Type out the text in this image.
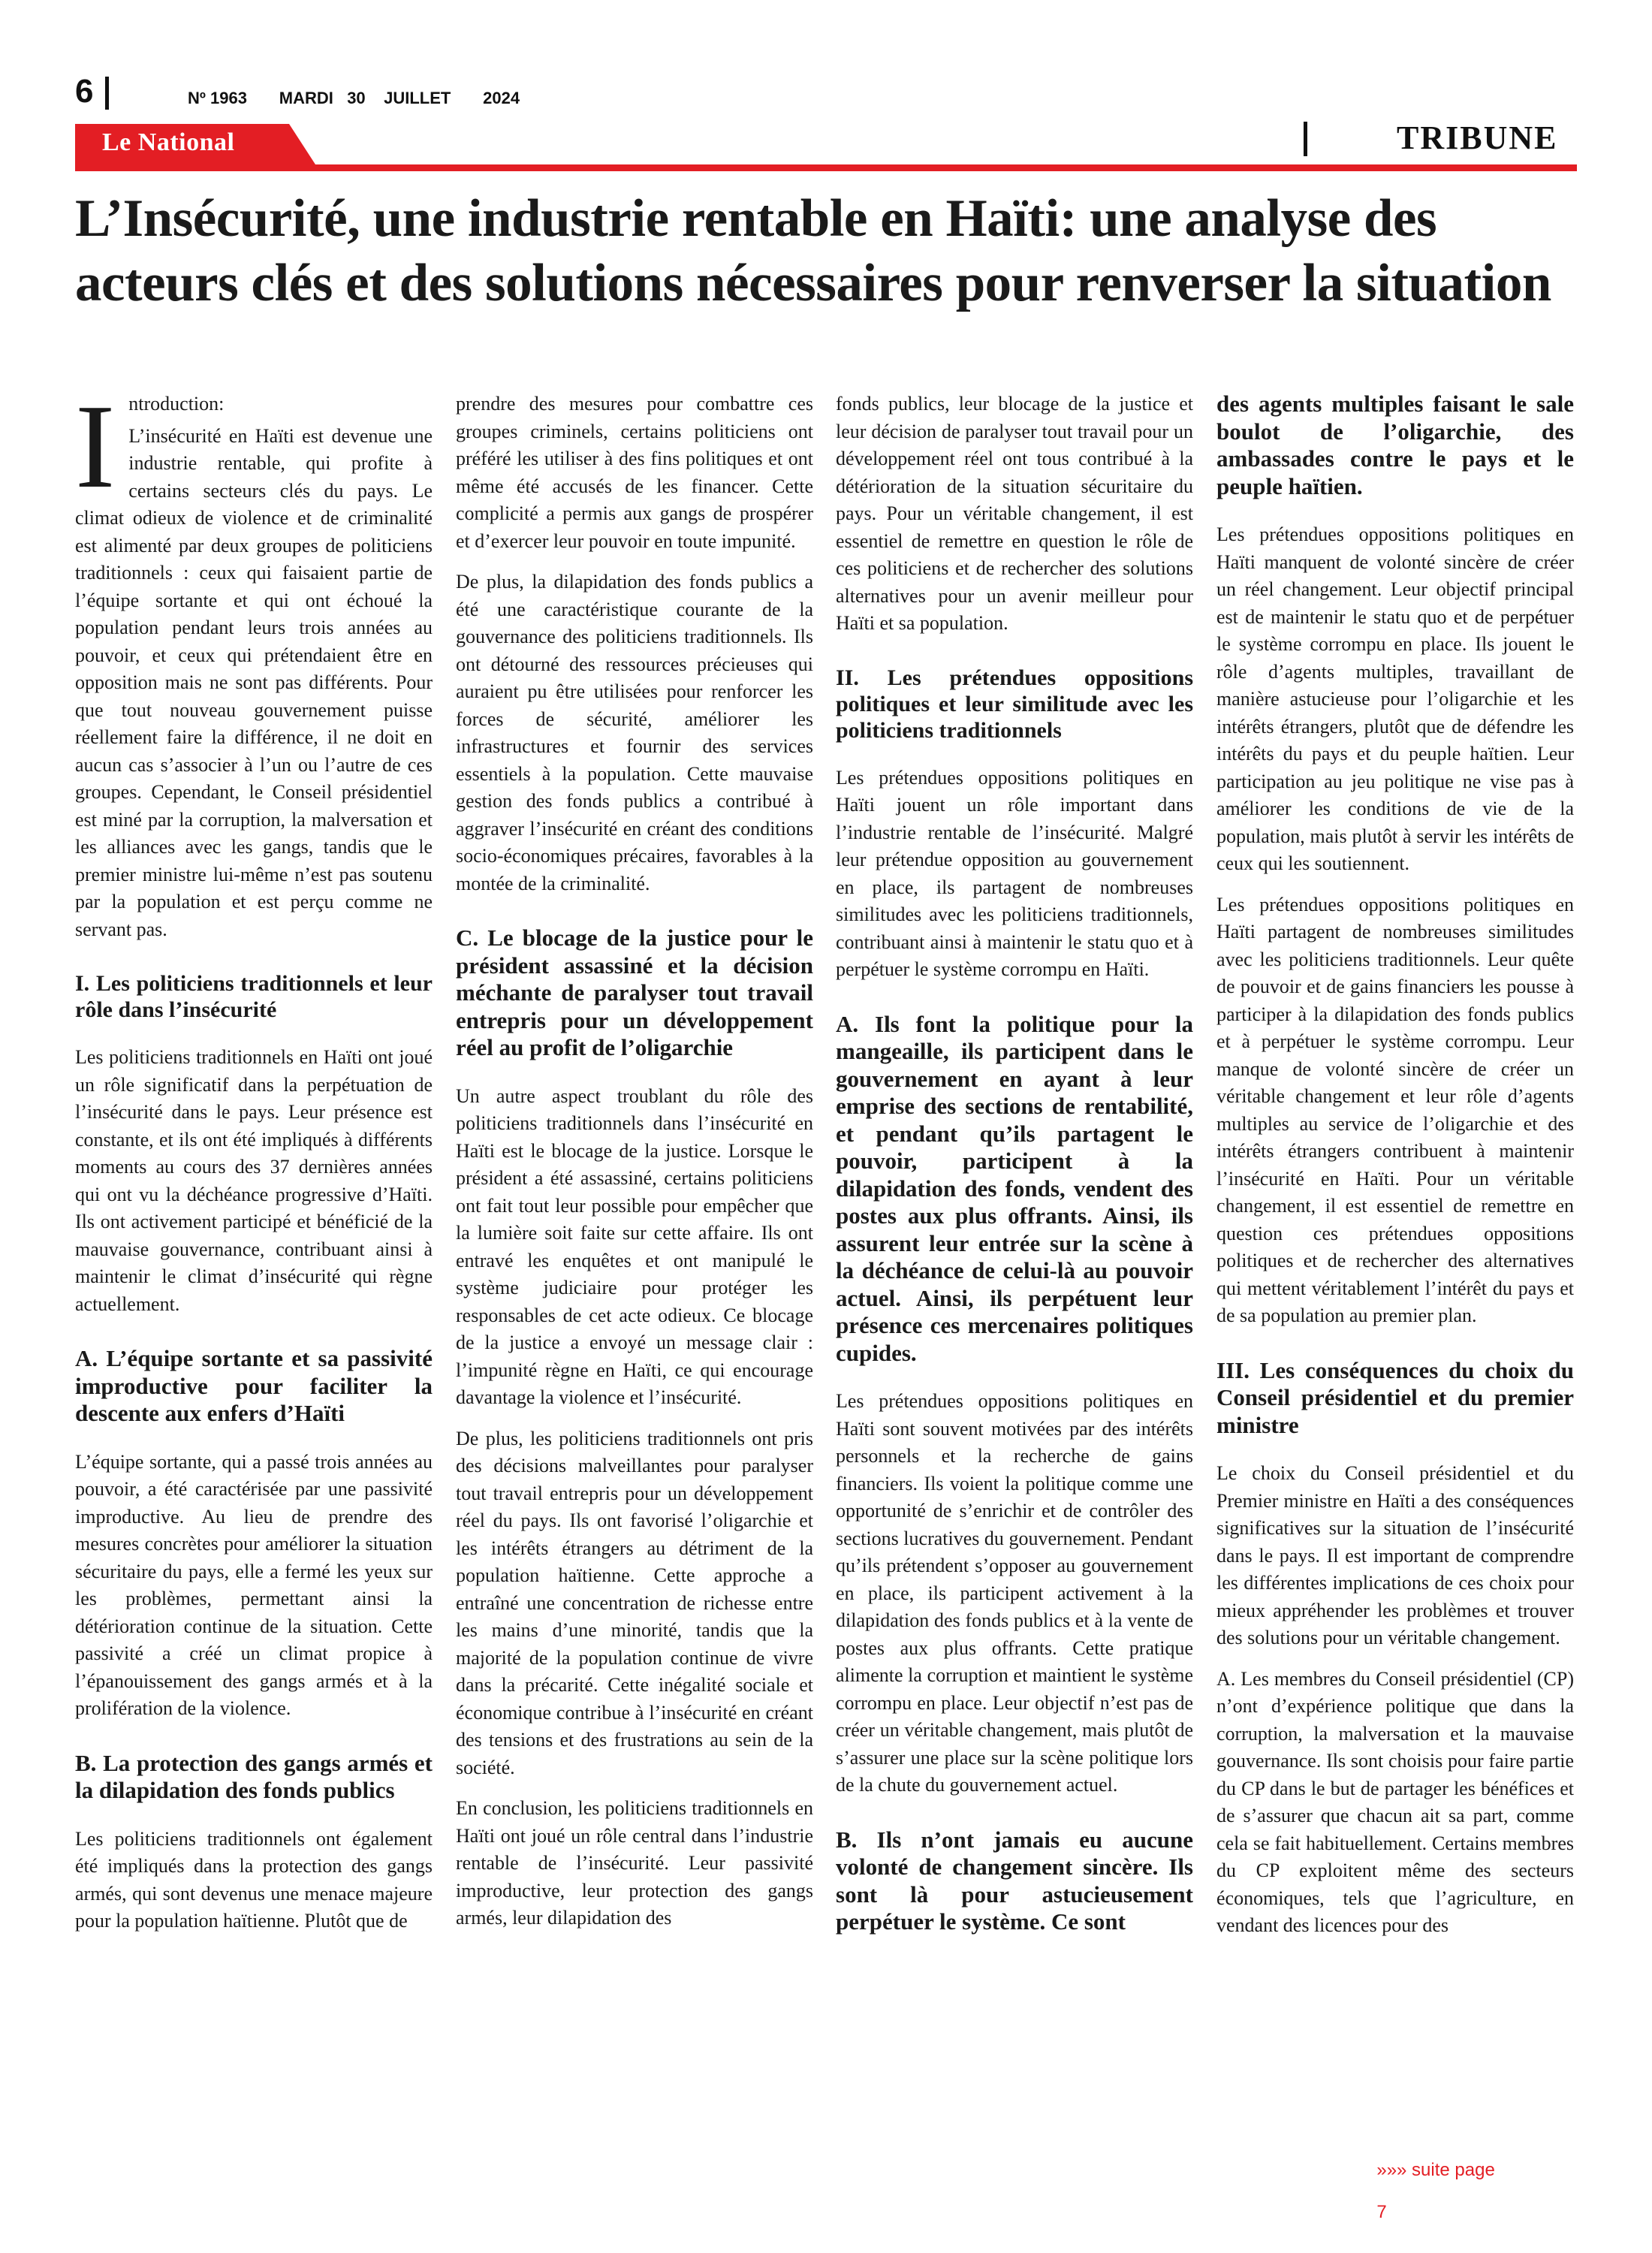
6	Nº 1963       MARDI   30    JUILLET       2024
Le National	TRIBUNE
L’Insécurité, une industrie rentable en Haïti: une analyse des acteurs clés et des solutions nécessaires pour renverser la situation
I ntroduction:

L’insécurité en Haïti est devenue une industrie rentable, qui profite à certains secteurs clés du pays. Le climat odieux de violence et de criminalité est alimenté par deux groupes de politiciens traditionnels : ceux qui faisaient partie de l’équipe sortante et qui ont échoué la population pendant leurs trois années au pouvoir, et ceux qui prétendaient être en opposition mais ne sont pas différents. Pour que tout nouveau gouvernement puisse réellement faire la différence, il ne doit en aucun cas s’associer à l’un ou l’autre de ces groupes. Cependant, le Conseil présidentiel est miné par la corruption, la malversation et les alliances avec les gangs, tandis que le premier ministre lui-même n’est pas soutenu par la population et est perçu comme ne servant pas.

I. Les politiciens traditionnels et leur rôle dans l’insécurité

Les politiciens traditionnels en Haïti ont joué un rôle significatif dans la perpétuation de l’insécurité dans le pays. Leur présence est constante, et ils ont été impliqués à différents moments au cours des 37 dernières années qui ont vu la déchéance progressive d’Haïti. Ils ont activement participé et bénéficié de la mauvaise gouvernance, contribuant ainsi à maintenir le climat d’insécurité qui règne actuellement.

A. L’équipe sortante et sa passivité improductive pour faciliter la descente aux enfers d’Haïti

L’équipe sortante, qui a passé trois années au pouvoir, a été caractérisée par une passivité improductive. Au lieu de prendre des mesures concrètes pour améliorer la situation sécuritaire du pays, elle a fermé les yeux sur les problèmes, permettant ainsi la détérioration continue de la situation. Cette passivité a créé un climat propice à l’épanouissement des gangs armés et à la prolifération de la violence.

B. La protection des gangs armés et la dilapidation des fonds publics

Les politiciens traditionnels ont également été impliqués dans la protection des gangs armés, qui sont devenus une menace majeure pour la population haïtienne. Plutôt que de

prendre des mesures pour combattre ces groupes criminels, certains politiciens ont préféré les utiliser à des fins politiques et ont même été accusés de les financer. Cette complicité a permis aux gangs de prospérer et d’exercer leur pouvoir en toute impunité.

De plus, la dilapidation des fonds publics a été une caractéristique courante de la gouvernance des politiciens traditionnels. Ils ont détourné des ressources précieuses qui auraient pu être utilisées pour renforcer les forces de sécurité, améliorer les infrastructures et fournir des services essentiels à la population. Cette mauvaise gestion des fonds publics a contribué à aggraver l’insécurité en créant des conditions socio-économiques précaires, favorables à la montée de la criminalité.

C. Le blocage de la justice pour le président assassiné et la décision méchante de paralyser tout travail entrepris pour un développement réel au profit de l’oligarchie

Un autre aspect troublant du rôle des politiciens traditionnels dans l’insécurité en Haïti est le blocage de la justice. Lorsque le président a été assassiné, certains politiciens ont fait tout leur possible pour empêcher que la lumière soit faite sur cette affaire. Ils ont entravé les enquêtes et ont manipulé le système judiciaire pour protéger les responsables de cet acte odieux. Ce blocage de la justice a envoyé un message clair : l’impunité règne en Haïti, ce qui encourage davantage la violence et l’insécurité.

De plus, les politiciens traditionnels ont pris des décisions malveillantes pour paralyser tout travail entrepris pour un développement réel du pays. Ils ont favorisé l’oligarchie et les intérêts étrangers au détriment de la population haïtienne. Cette approche a entraîné une concentration de richesse entre les mains d’une minorité, tandis que la majorité de la population continue de vivre dans la précarité. Cette inégalité sociale et économique contribue à l’insécurité en créant des tensions et des frustrations au sein de la société.

En conclusion, les politiciens traditionnels en Haïti ont joué un rôle central dans l’industrie rentable de l’insécurité. Leur passivité improductive, leur protection des gangs armés, leur dilapidation des

fonds publics, leur blocage de la justice et leur décision de paralyser tout travail pour un développement réel ont tous contribué à la détérioration de la situation sécuritaire du pays. Pour un véritable changement, il est essentiel de remettre en question le rôle de ces politiciens et de rechercher des solutions alternatives pour un avenir meilleur pour Haïti et sa population.

II. Les prétendues oppositions politiques et leur similitude avec les politiciens traditionnels

Les prétendues oppositions politiques en Haïti jouent un rôle important dans l’industrie rentable de l’insécurité. Malgré leur prétendue opposition au gouvernement en place, ils partagent de nombreuses similitudes avec les politiciens traditionnels, contribuant ainsi à maintenir le statu quo et à perpétuer le système corrompu en Haïti.

A. Ils font la politique pour la mangeaille, ils participent dans le gouvernement en ayant à leur emprise des sections de rentabilité, et pendant qu’ils partagent le pouvoir, participent à la dilapidation des fonds, vendent des postes aux plus offrants. Ainsi, ils assurent leur entrée sur la scène à la déchéance de celui-là au pouvoir actuel. Ainsi, ils perpétuent leur présence ces mercenaires politiques cupides.

Les prétendues oppositions politiques en Haïti sont souvent motivées par des intérêts personnels et la recherche de gains financiers. Ils voient la politique comme une opportunité de s’enrichir et de contrôler des sections lucratives du gouvernement. Pendant qu’ils prétendent s’opposer au gouvernement en place, ils participent activement à la dilapidation des fonds publics et à la vente de postes aux plus offrants. Cette pratique alimente la corruption et maintient le système corrompu en place. Leur objectif n’est pas de créer un véritable changement, mais plutôt de s’assurer une place sur la scène politique lors de la chute du gouvernement actuel.

B. Ils n’ont jamais eu aucune volonté de changement sincère. Ils sont là pour astucieusement perpétuer le système. Ce sont
des agents multiples faisant le sale boulot de l’oligarchie, des ambassades contre le pays et le peuple haïtien.

Les prétendues oppositions politiques en Haïti manquent de volonté sincère de créer un réel changement. Leur objectif principal est de maintenir le statu quo et de perpétuer le système corrompu en place. Ils jouent le rôle d’agents multiples, travaillant de manière astucieuse pour l’oligarchie et les intérêts étrangers, plutôt que de défendre les intérêts du pays et du peuple haïtien. Leur participation au jeu politique ne vise pas à améliorer les conditions de vie de la population, mais plutôt à servir les intérêts de ceux qui les soutiennent.

Les prétendues oppositions politiques en Haïti partagent de nombreuses similitudes avec les politiciens traditionnels. Leur quête de pouvoir et de gains financiers les pousse à participer à la dilapidation des fonds publics et à perpétuer le système corrompu. Leur manque de volonté sincère de créer un véritable changement et leur rôle d’agents multiples au service de l’oligarchie et des intérêts étrangers contribuent à maintenir l’insécurité en Haïti. Pour un véritable changement, il est essentiel de remettre en question ces prétendues oppositions politiques et de rechercher des alternatives qui mettent véritablement l’intérêt du pays et de sa population au premier plan.

III. Les conséquences du choix du Conseil présidentiel et du premier ministre

Le choix du Conseil présidentiel et du Premier ministre en Haïti a des conséquences significatives sur la situation de l’insécurité dans le pays. Il est important de comprendre les différentes implications de ces choix pour mieux appréhender les problèmes et trouver des solutions pour un véritable changement.

A. Les membres du Conseil présidentiel (CP) n’ont d’expérience politique que dans la corruption, la malversation et la mauvaise gouvernance. Ils sont choisis pour faire partie du CP dans le but de partager les bénéfices et de s’assurer que chacun ait sa part, comme cela se fait habituellement. Certains membres du CP exploitent même des secteurs économiques, tels que l’agriculture, en vendant des licences pour des

»»» suite page

7
